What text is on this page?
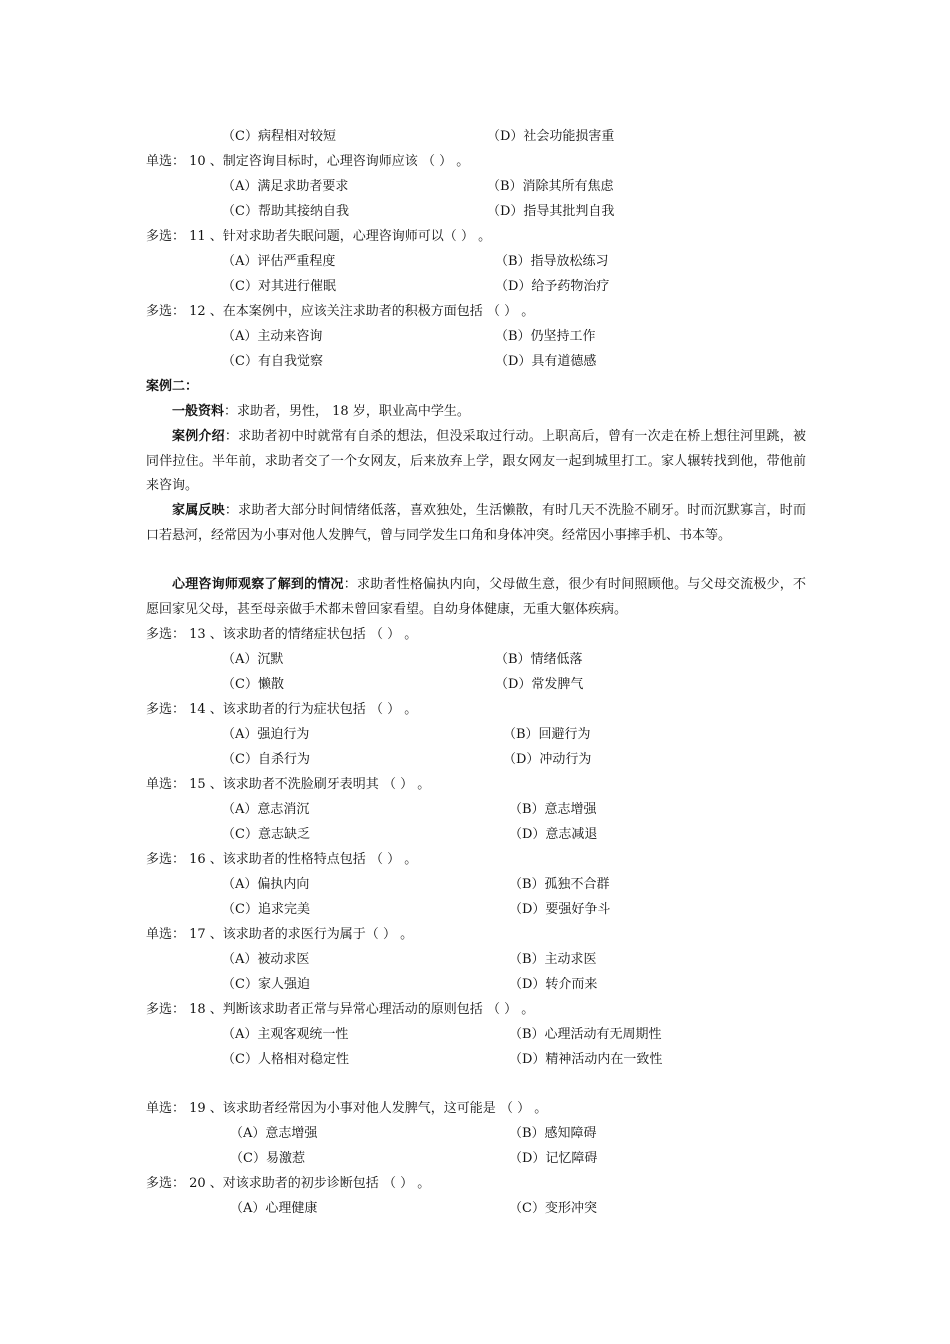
（C）病程相对较短	（D）社会功能损害重
单选： 10 、制定咨询目标时，心理咨询师应该 （ ） 。
（A）满足求助者要求	（B）消除其所有焦虑
（C）帮助其接纳自我	（D）指导其批判自我
多选： 11 、针对求助者失眠问题，心理咨询师可以（ ） 。
（A）评估严重程度	（B）指导放松练习
（C）对其进行催眠	（D）给予药物治疗
多选： 12 、在本案例中，应该关注求助者的积极方面包括 （ ） 。
（A）主动来咨询	（B）仍坚持工作
（C）有自我觉察	（D）具有道德感
案例二：
一般资料：求助者，男性， 18 岁，职业高中学生。
案例介绍：求助者初中时就常有自杀的想法，但没采取过行动。上职高后，曾有一次走在桥上想往河里跳，被同伴拉住。半年前，求助者交了一个女网友，后来放弃上学，跟女网友一起到城里打工。家人辗转找到他，带他前来咨询。
家属反映：求助者大部分时间情绪低落，喜欢独处，生活懒散，有时几天不洗脸不刷牙。时而沉默寡言，时而口若悬河，经常因为小事对他人发脾气，曾与同学发生口角和身体冲突。经常因小事摔手机、书本等。
心理咨询师观察了解到的情况：求助者性格偏执内向，父母做生意，很少有时间照顾他。与父母交流极少，不愿回家见父母，甚至母亲做手术都未曾回家看望。自幼身体健康，无重大躯体疾病。
多选： 13 、该求助者的情绪症状包括 （ ） 。
（A）沉默	（B）情绪低落
（C）懒散	（D）常发脾气
多选： 14 、该求助者的行为症状包括 （ ） 。
（A）强迫行为	（B）回避行为
（C）自杀行为	（D）冲动行为
单选： 15 、该求助者不洗脸刷牙表明其 （ ） 。
（A）意志消沉	（B）意志增强
（C）意志缺乏	（D）意志减退
多选： 16 、该求助者的性格特点包括 （ ） 。
（A）偏执内向	（B）孤独不合群
（C）追求完美	（D）要强好争斗
单选： 17 、该求助者的求医行为属于（ ） 。
（A）被动求医	（B）主动求医
（C）家人强迫	（D）转介而来
多选： 18 、判断该求助者正常与异常心理活动的原则包括 （ ） 。
（A）主观客观统一性	（B）心理活动有无周期性
（C）人格相对稳定性	（D）精神活动内在一致性
单选： 19 、该求助者经常因为小事对他人发脾气，这可能是 （ ） 。
（A）意志增强	（B）感知障碍
（C）易激惹	（D）记忆障碍
多选： 20 、对该求助者的初步诊断包括 （ ） 。
（A）心理健康	（C）变形冲突
